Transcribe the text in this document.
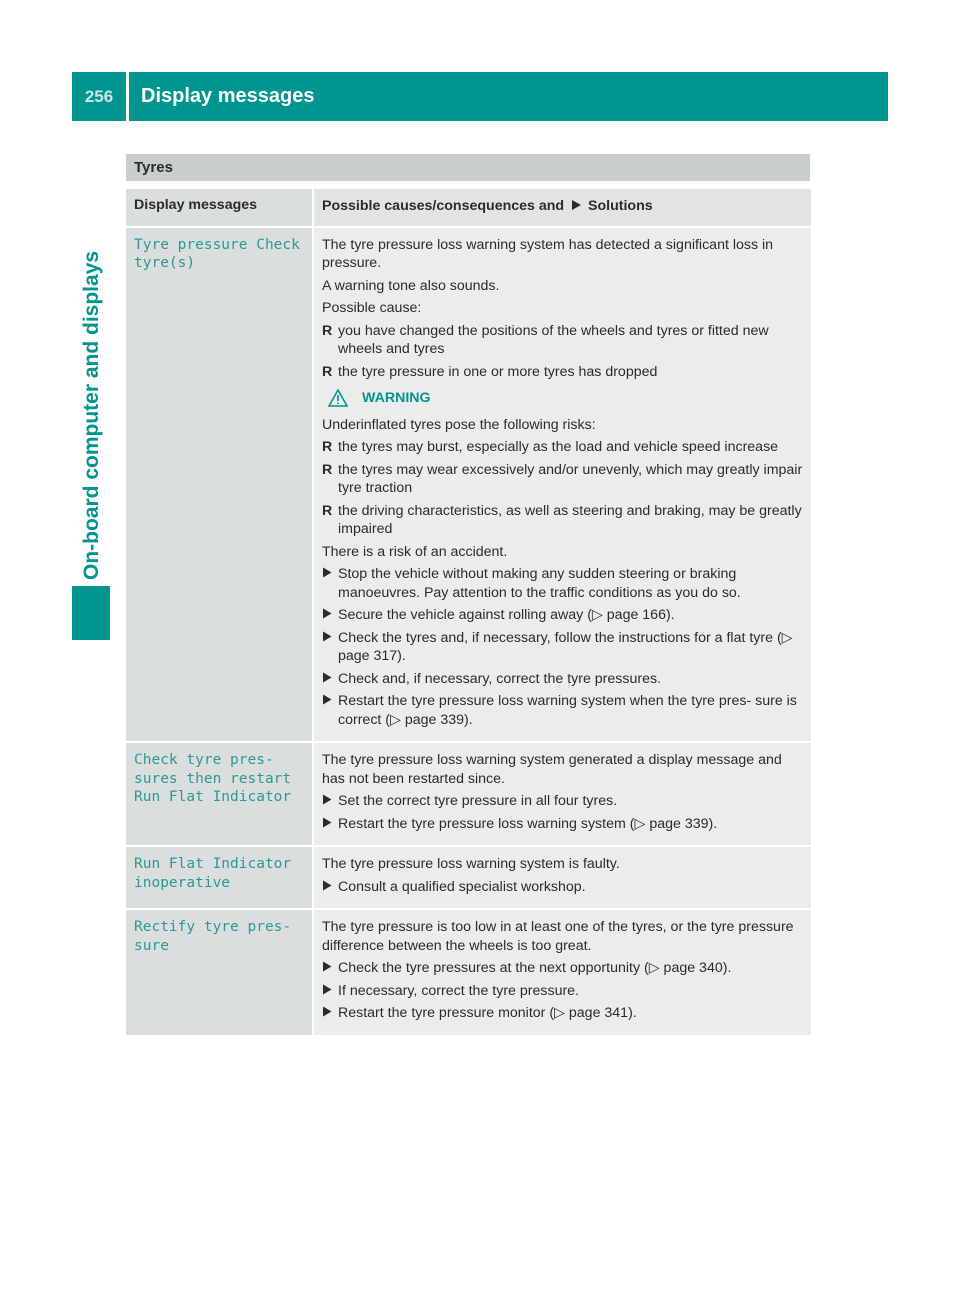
256	Display messages
On-board computer and displays
Tyres
Display messages	Possible causes/consequences and Solutions
Tyre pressure Check
tyre(s)

The tyre pressure loss warning system has detected a significant loss in pressure.

A warning tone also sounds.

Possible cause:

R you have changed the positions of the wheels and tyres or fitted new wheels and tyres
R the tyre pressure in one or more tyres has dropped
WARNING

Underinflated tyres pose the following risks:

R the tyres may burst, especially as the load and vehicle speed increase
R the tyres may wear excessively and/or unevenly, which may greatly impair tyre traction
R the driving characteristics, as well as steering and braking, may be greatly impaired

There is a risk of an accident.

Stop the vehicle without making any sudden steering or braking manoeuvres. Pay attention to the traffic conditions as you do so.
Secure the vehicle against rolling away (▷ page 166).
Check the tyres and, if necessary, follow the instructions for a flat tyre (▷ page 317).
Check and, if necessary, correct the tyre pressures.
Restart the tyre pressure loss warning system when the tyre pres- sure is correct (▷ page 339).
Check tyre pres‐
sures then restart
Run Flat Indicator

The tyre pressure loss warning system generated a display message and has not been restarted since.

Set the correct tyre pressure in all four tyres.
Restart the tyre pressure loss warning system (▷ page 339).
Run Flat Indicator
inoperative

The tyre pressure loss warning system is faulty.

Consult a qualified specialist workshop.
Rectify tyre pres‐
sure

The tyre pressure is too low in at least one of the tyres, or the tyre pressure difference between the wheels is too great.

Check the tyre pressures at the next opportunity (▷ page 340).
If necessary, correct the tyre pressure.
Restart the tyre pressure monitor (▷ page 341).
